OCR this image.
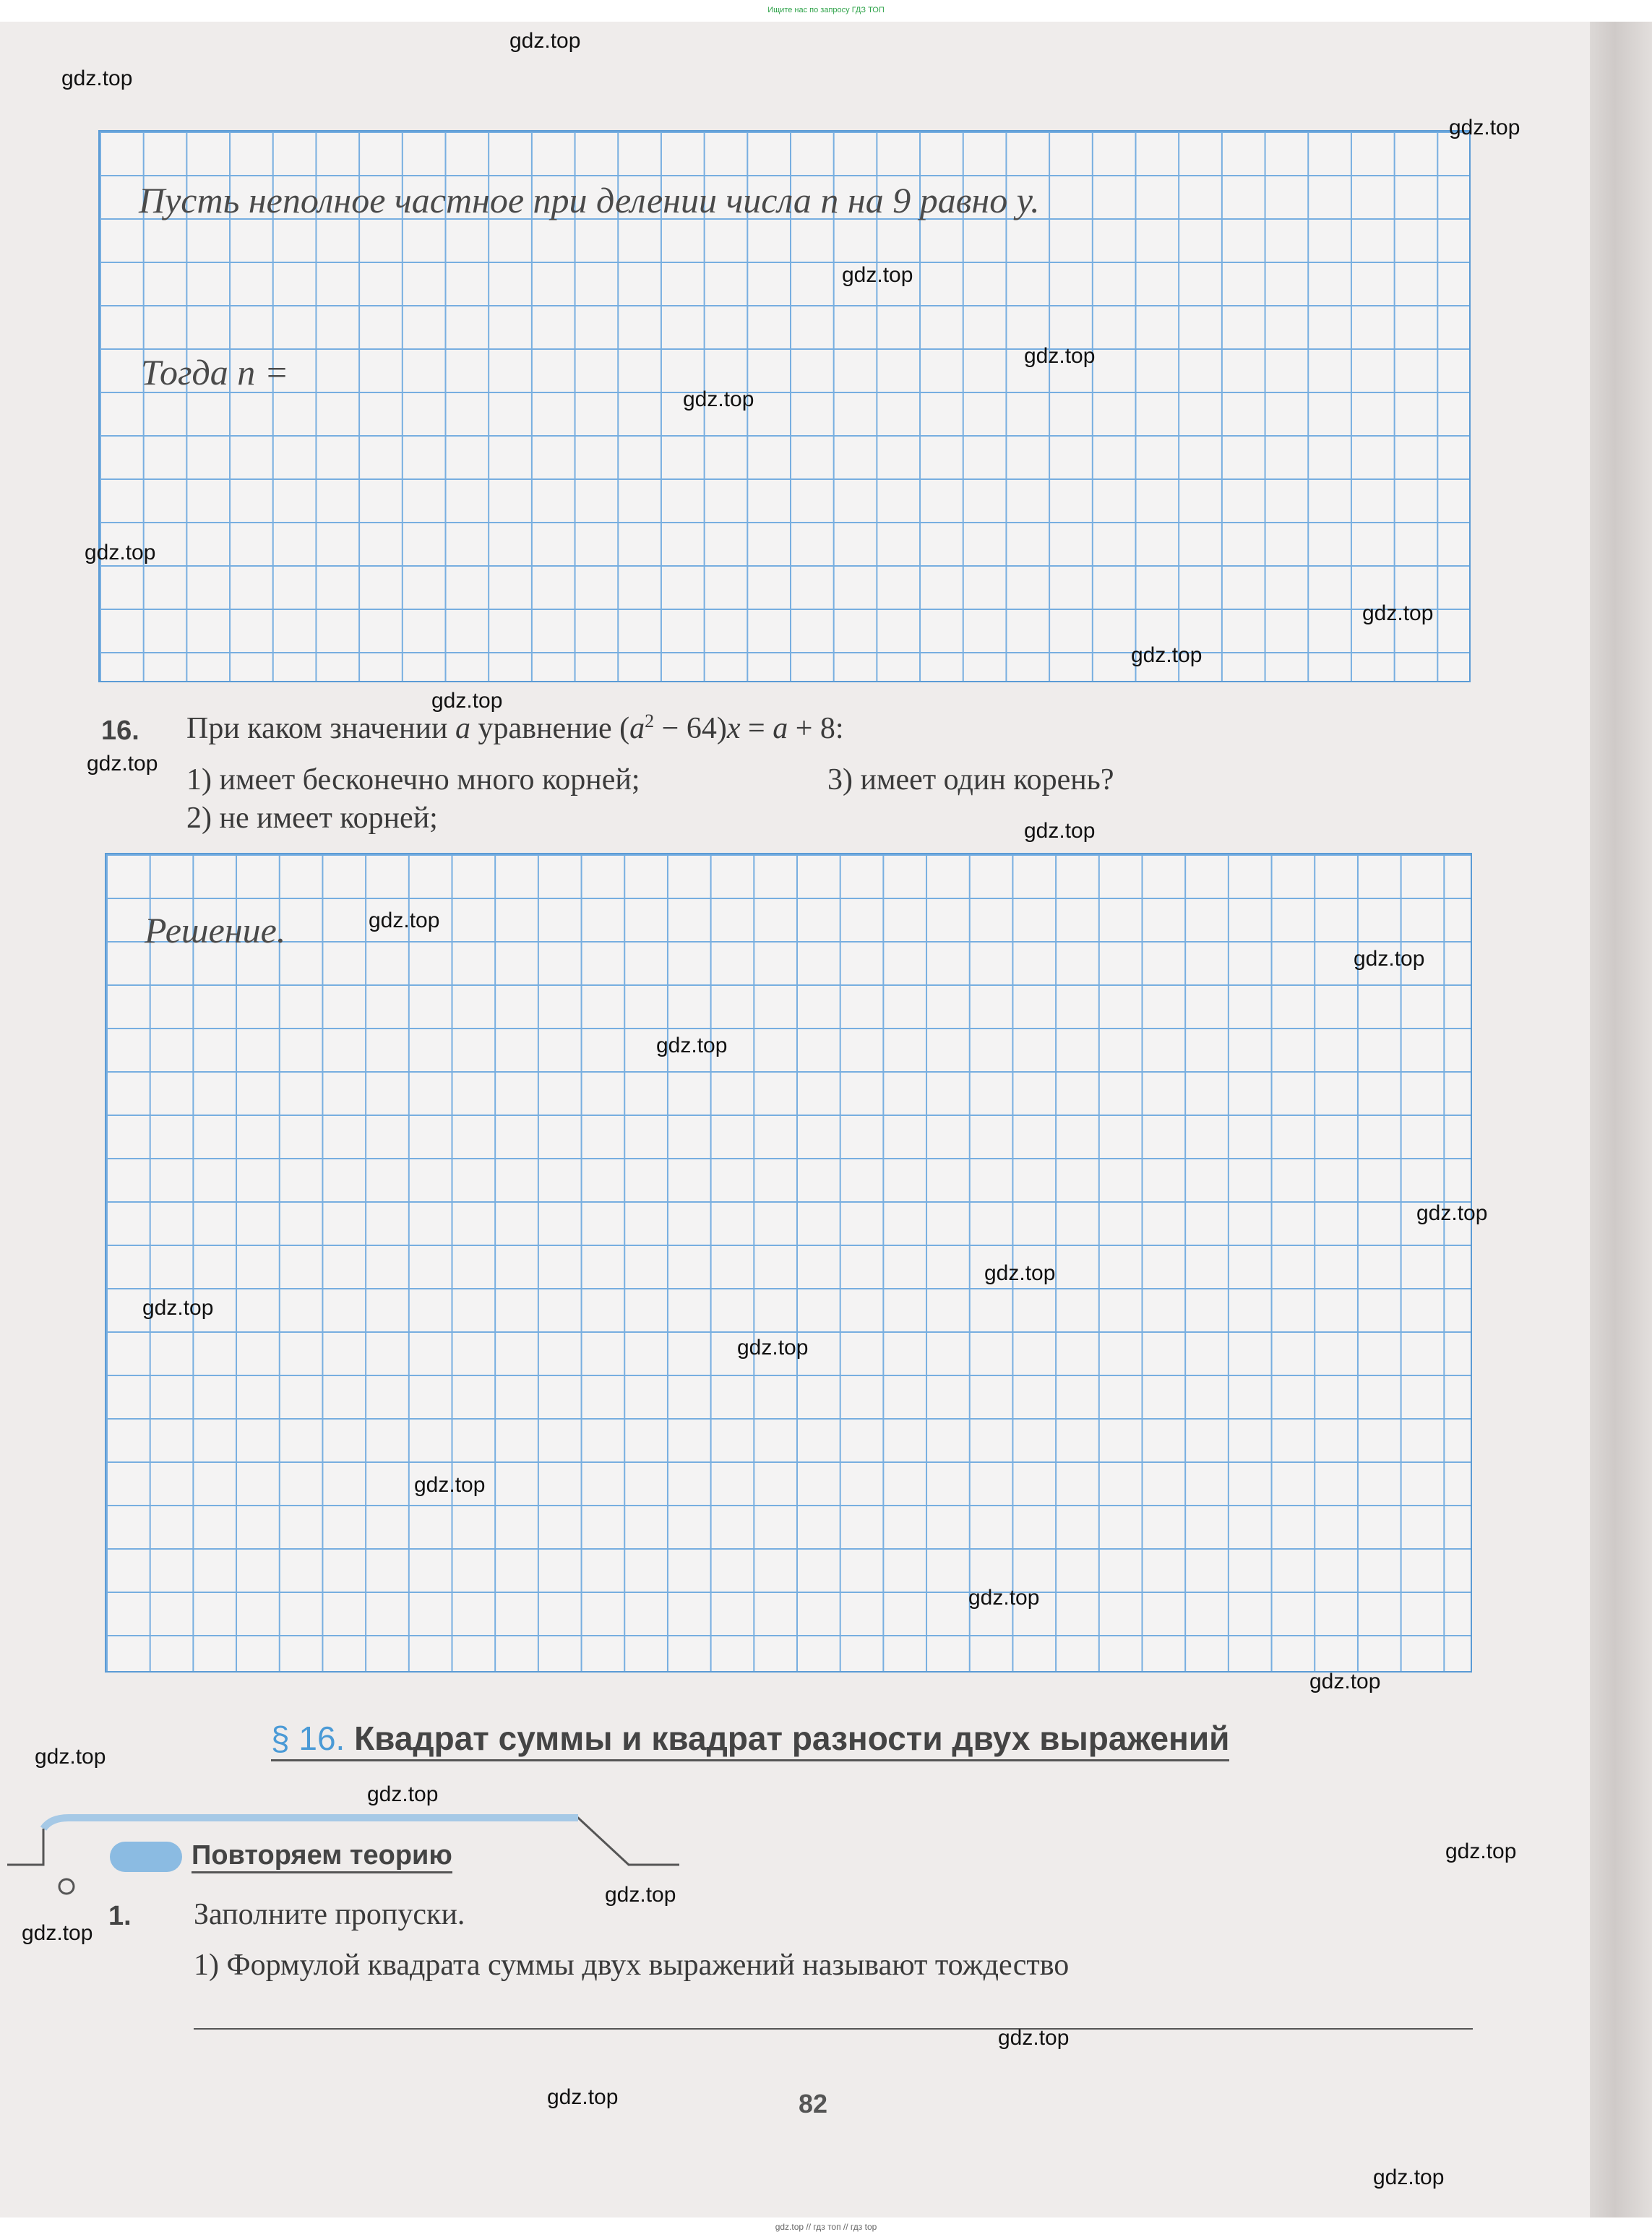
Ищите нас по запросу ГДЗ ТОП
Пусть неполное частное при делении числа n на 9 равно y.
Тогда n =
16. При каком значении a уравнение $(a^2 - 64)x = a + 8$:
1) имеет бесконечно много корней;
2) не имеет корней;
3) имеет один корень?
Решение.
§ 16. Квадрат суммы и квадрат разности двух выражений
Повторяем теорию
1. Заполните пропуски.
1) Формулой квадрата суммы двух выражений называют тождество
82
gdz.top
gdz.top
gdz.top
gdz.top
gdz.top
gdz.top
gdz.top
gdz.top
gdz.top
gdz.top
gdz.top
gdz.top
gdz.top
gdz.top
gdz.top
gdz.top
gdz.top
gdz.top
gdz.top
gdz.top
gdz.top
gdz.top
gdz.top
gdz.top
gdz.top
gdz.top
gdz.top
gdz.top
gdz.top
gdz.top
gdz.top // гдз топ // гдз top
